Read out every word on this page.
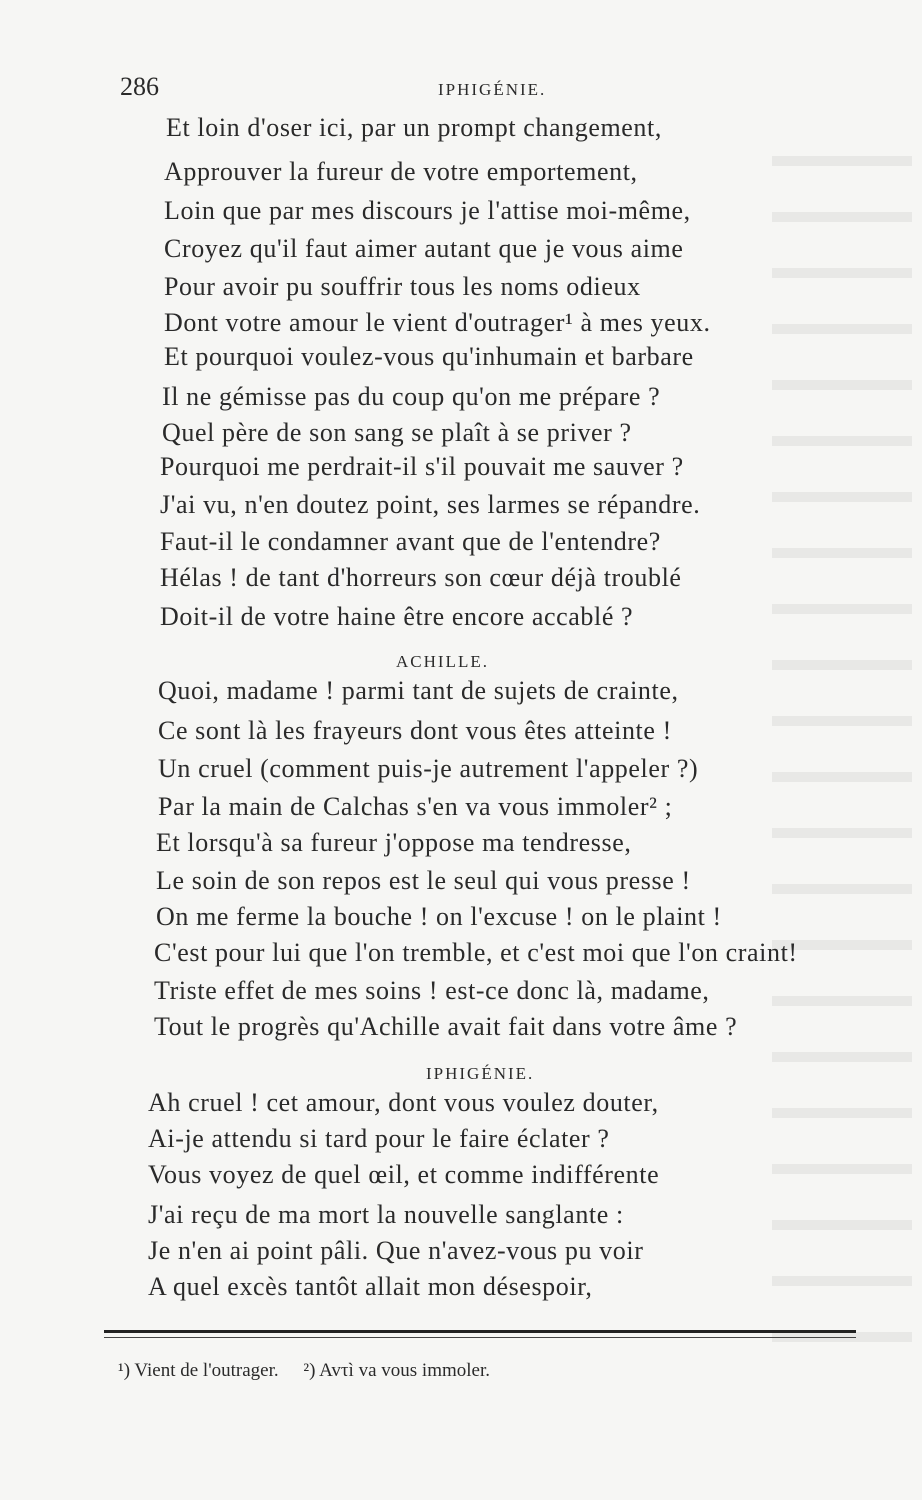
286	IPHIGÉNIE.
Et loin d'oser ici, par un prompt changement,
Approuver la fureur de votre emportement,
Loin que par mes discours je l'attise moi-même,
Croyez qu'il faut aimer autant que je vous aime
Pour avoir pu souffrir tous les noms odieux
Dont votre amour le vient d'outrager¹ à mes yeux.
Et pourquoi voulez-vous qu'inhumain et barbare
Il ne gémisse pas du coup qu'on me prépare ?
Quel père de son sang se plaît à se priver ?
Pourquoi me perdrait-il s'il pouvait me sauver ?
J'ai vu, n'en doutez point, ses larmes se répandre.
Faut-il le condamner avant que de l'entendre?
Hélas ! de tant d'horreurs son cœur déjà troublé
Doit-il de votre haine être encore accablé ?
ACHILLE.
Quoi, madame ! parmi tant de sujets de crainte,
Ce sont là les frayeurs dont vous êtes atteinte !
Un cruel (comment puis-je autrement l'appeler ?)
Par la main de Calchas s'en va vous immoler² ;
Et lorsqu'à sa fureur j'oppose ma tendresse,
Le soin de son repos est le seul qui vous presse !
On me ferme la bouche ! on l'excuse ! on le plaint !
C'est pour lui que l'on tremble, et c'est moi que l'on craint!
Triste effet de mes soins ! est-ce donc là, madame,
Tout le progrès qu'Achille avait fait dans votre âme ?
IPHIGÉNIE.
Ah cruel ! cet amour, dont vous voulez douter,
Ai-je attendu si tard pour le faire éclater ?
Vous voyez de quel œil, et comme indifférente
J'ai reçu de ma mort la nouvelle sanglante :
Je n'en ai point pâli. Que n'avez-vous pu voir
A quel excès tantôt allait mon désespoir,
¹) Vient de l'outrager. ²) Avτì va vous immoler.
